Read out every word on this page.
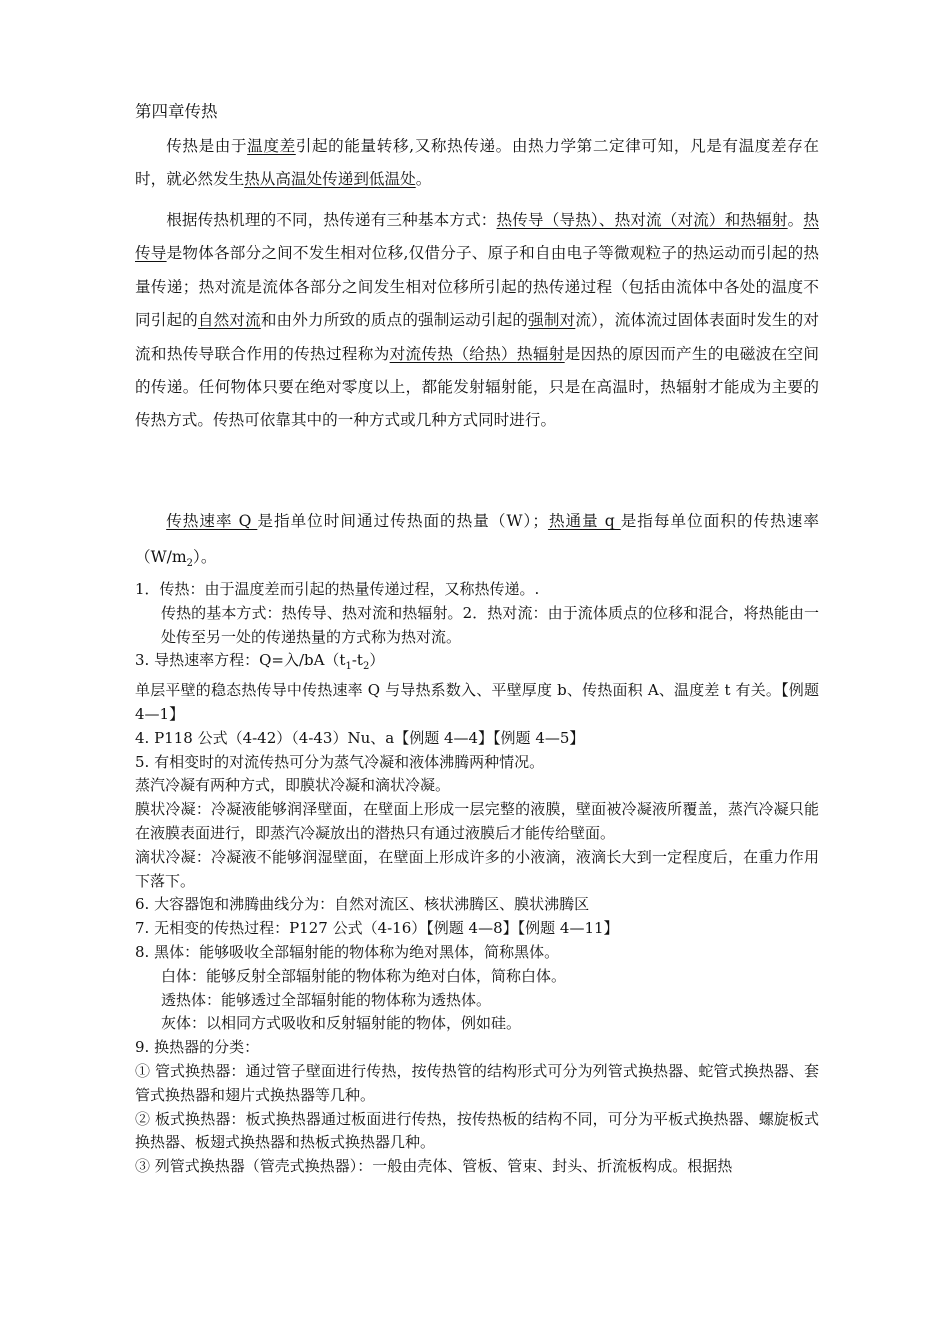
第四章传热

传热是由于温度差引起的能量转移,又称热传递。由热力学第二定律可知，凡是有温度差存在时，就必然发生热从高温处传递到低温处。

根据传热机理的不同，热传递有三种基本方式：热传导（导热）、热对流（对流）和热辐射。热传导是物体各部分之间不发生相对位移,仅借分子、原子和自由电子等微观粒子的热运动而引起的热量传递；热对流是流体各部分之间发生相对位移所引起的热传递过程（包括由流体中各处的温度不同引起的自然对流和由外力所致的质点的强制运动引起的强制对流），流体流过固体表面时发生的对流和热传导联合作用的传热过程称为对流传热（给热）热辐射是因热的原因而产生的电磁波在空间的传递。任何物体只要在绝对零度以上，都能发射辐射能，只是在高温时，热辐射才能成为主要的传热方式。传热可依靠其中的一种方式或几种方式同时进行。

传热速率 Q 是指单位时间通过传热面的热量（W）；热通量 q 是指每单位面积的传热速率$(W/m_2)$。

1．传热：由于温度差而引起的热量传递过程，又称热传递。.

传热的基本方式：热传导、热对流和热辐射。2．热对流：由于流体质点的位移和混合，将热能由一处传至另一处的传递热量的方式称为热对流。

3. 导热速率方程：Q=入$/bA(t_1-t_2)$

单层平壁的稳态热传导中传热速率 Q 与导热系数入、平壁厚度 b、传热面积 A、温度差 t 有关。【例题 4—1】

4. P118 公式（4-42）（4-43）Nu、a【例题 4—4】【例题 4—5】

5. 有相变时的对流传热可分为蒸气冷凝和液体沸腾两种情况。

蒸汽冷凝有两种方式，即膜状冷凝和滴状冷凝。

膜状冷凝：冷凝液能够润泽壁面，在壁面上形成一层完整的液膜，壁面被冷凝液所覆盖，蒸汽冷凝只能在液膜表面进行，即蒸汽冷凝放出的潜热只有通过液膜后才能传给壁面。

滴状冷凝：冷凝液不能够润湿壁面，在壁面上形成许多的小液滴，液滴长大到一定程度后，在重力作用下落下。

6. 大容器饱和沸腾曲线分为：自然对流区、核状沸腾区、膜状沸腾区

7. 无相变的传热过程：P127 公式（4-16）【例题 4—8】【例题 4—11】

8. 黑体：能够吸收全部辐射能的物体称为绝对黑体，简称黑体。

白体：能够反射全部辐射能的物体称为绝对白体，简称白体。

透热体：能够透过全部辐射能的物体称为透热体。

灰体：以相同方式吸收和反射辐射能的物体，例如硅。

9. 换热器的分类：

① 管式换热器：通过管子壁面进行传热，按传热管的结构形式可分为列管式换热器、蛇管式换热器、套管式换热器和翅片式换热器等几种。

② 板式换热器：板式换热器通过板面进行传热，按传热板的结构不同，可分为平板式换热器、螺旋板式换热器、板翅式换热器和热板式换热器几种。

③ 列管式换热器（管壳式换热器）：一般由壳体、管板、管束、封头、折流板构成。根据热
